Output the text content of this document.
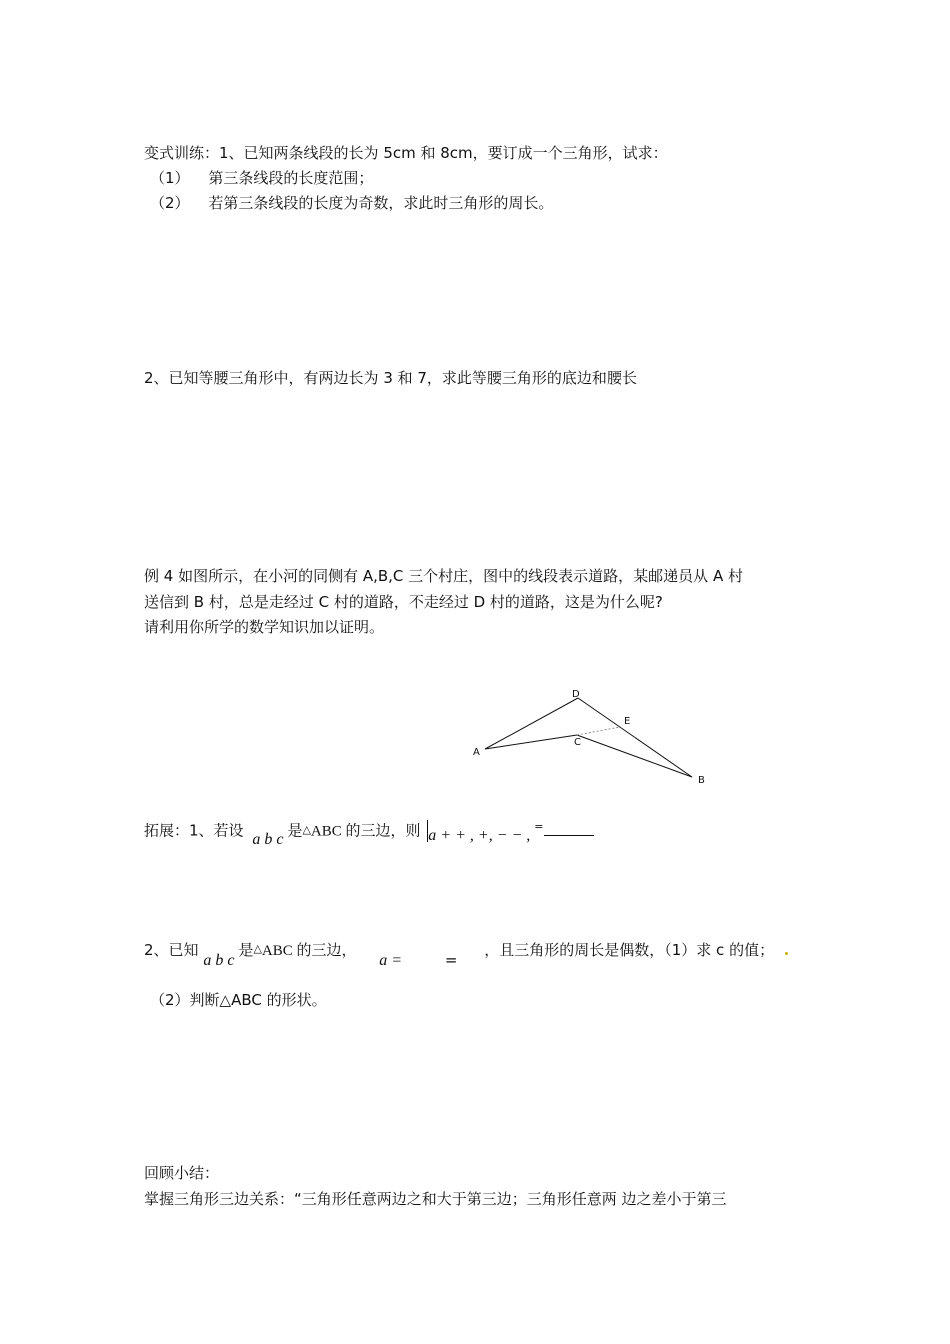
变式训练：1、已知两条线段的长为 5cm 和 8cm，要订成一个三角形，试求：
（1） 第三条线段的长度范围；
（2） 若第三条线段的长度为奇数，求此时三角形的周长。
2、已知等腰三角形中，有两边长为 3 和 7，求此等腰三角形的底边和腰长
例 4 如图所示，在小河的同侧有 A,B,C 三个村庄，图中的线段表示道路，某邮递员从 A 村
送信到 B 村，总是走经过 C 村的道路，不走经过 D 村的道路，这是为什么呢?
请利用你所学的数学知识加以证明。
D
E
A
C
B
拓展：1、若设 a b c 是△ABC 的三边，则 a + + , +, − − ,=
2、已知 a b c是△ABC 的三边， a =	= ，且三角形的周长是偶数，（1）求 c 的值；
（2）判断△ABC 的形状。
回顾小结：
掌握三角形三边关系：“三角形任意两边之和大于第三边；三角形任意两 边之差小于第三
